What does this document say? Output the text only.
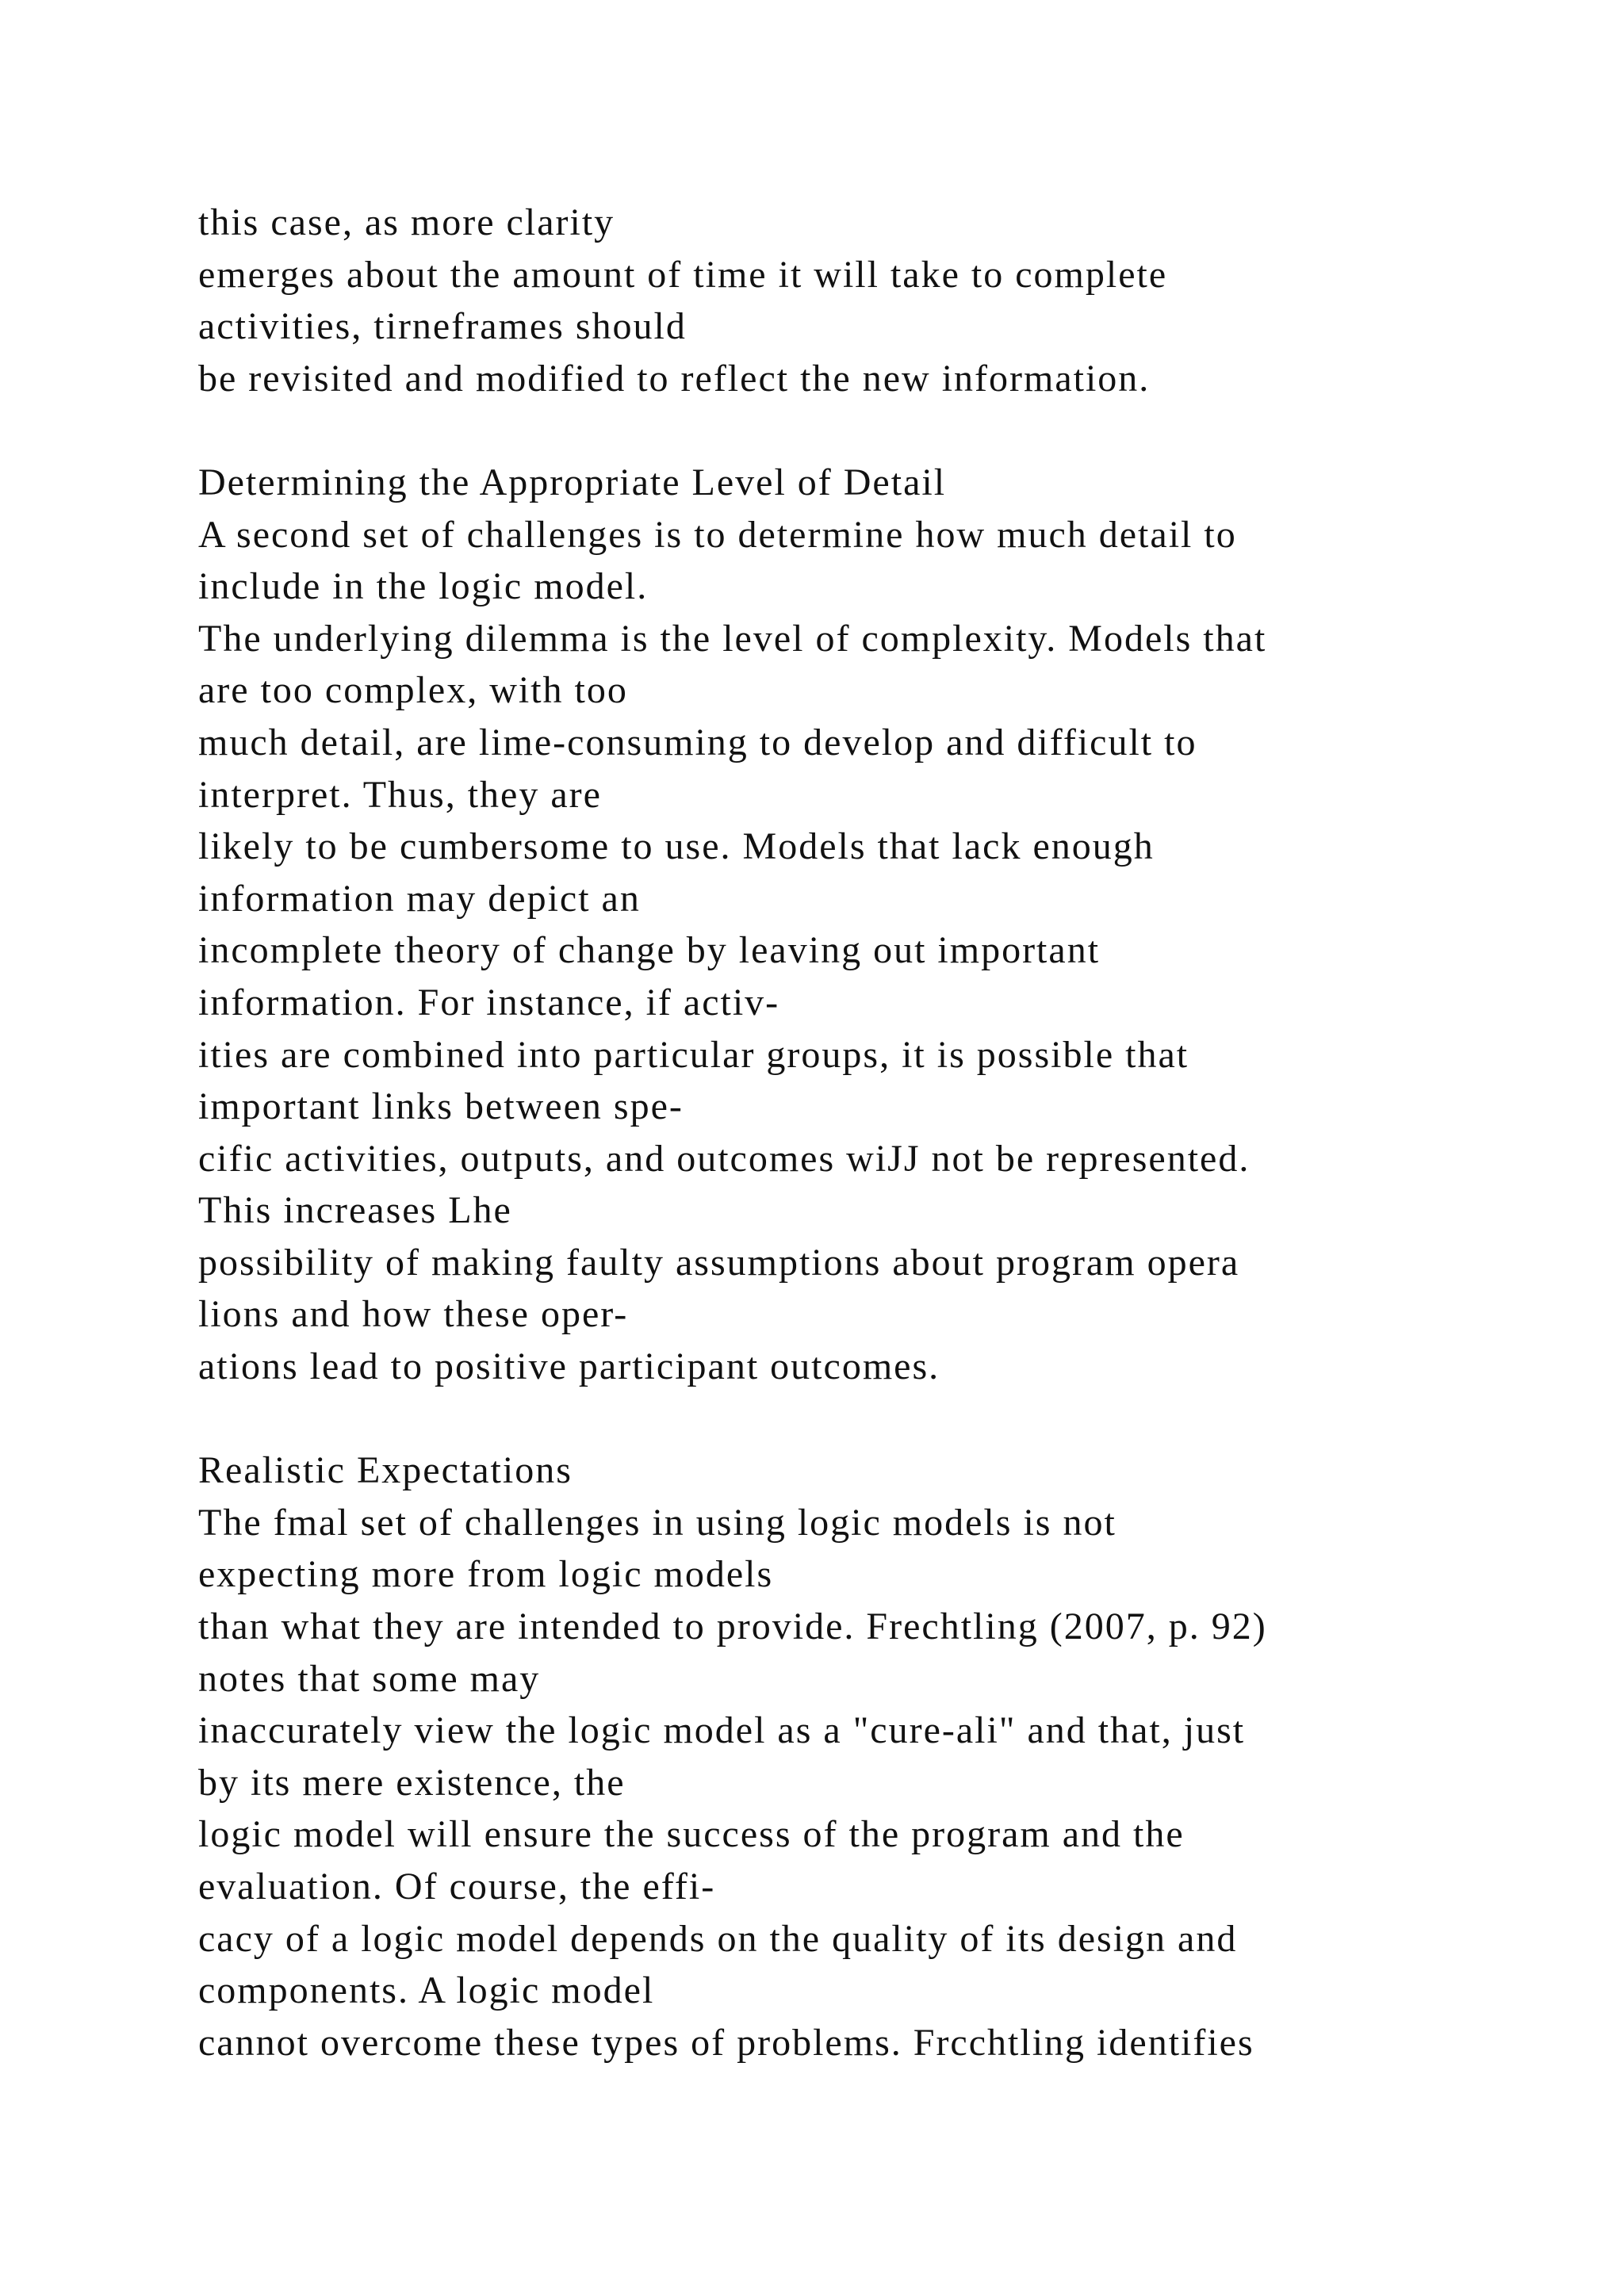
this case, as more clarity
emerges about the amount of time it will take to complete
activities, tirneframes should
be revisited and modified to reflect the new information.
Determining the Appropriate Level of Detail
A second set of challenges is to determine how much detail to
include in the logic model.
The underlying dilemma is the level of complexity. Models that
are too complex, with too
much detail, are lime-consuming to develop and difficult to
interpret. Thus, they are
likely to be cumbersome to use. Models that lack enough
information may depict an
incomplete theory of change by leaving out important
information. For instance, if activ-
ities are combined into particular groups, it is possible that
important links between spe-
cific activities, outputs, and outcomes wiJJ not be represented.
This increases Lhe
possibility of making faulty assumptions about program opera
lions and how these oper-
ations lead to positive participant outcomes.
Realistic Expectations
The fmal set of challenges in using logic models is not
expecting more from logic models
than what they are intended to provide. Frechtling (2007, p. 92)
notes that some may
inaccurately view the logic model as a "cure-ali" and that, just
by its mere existence, the
logic model will ensure the success of the program and the
evaluation. Of course, the effi-
cacy of a logic model depends on the quality of its design and
components. A logic model
cannot overcome these types of problems. Frcchtling identifies
